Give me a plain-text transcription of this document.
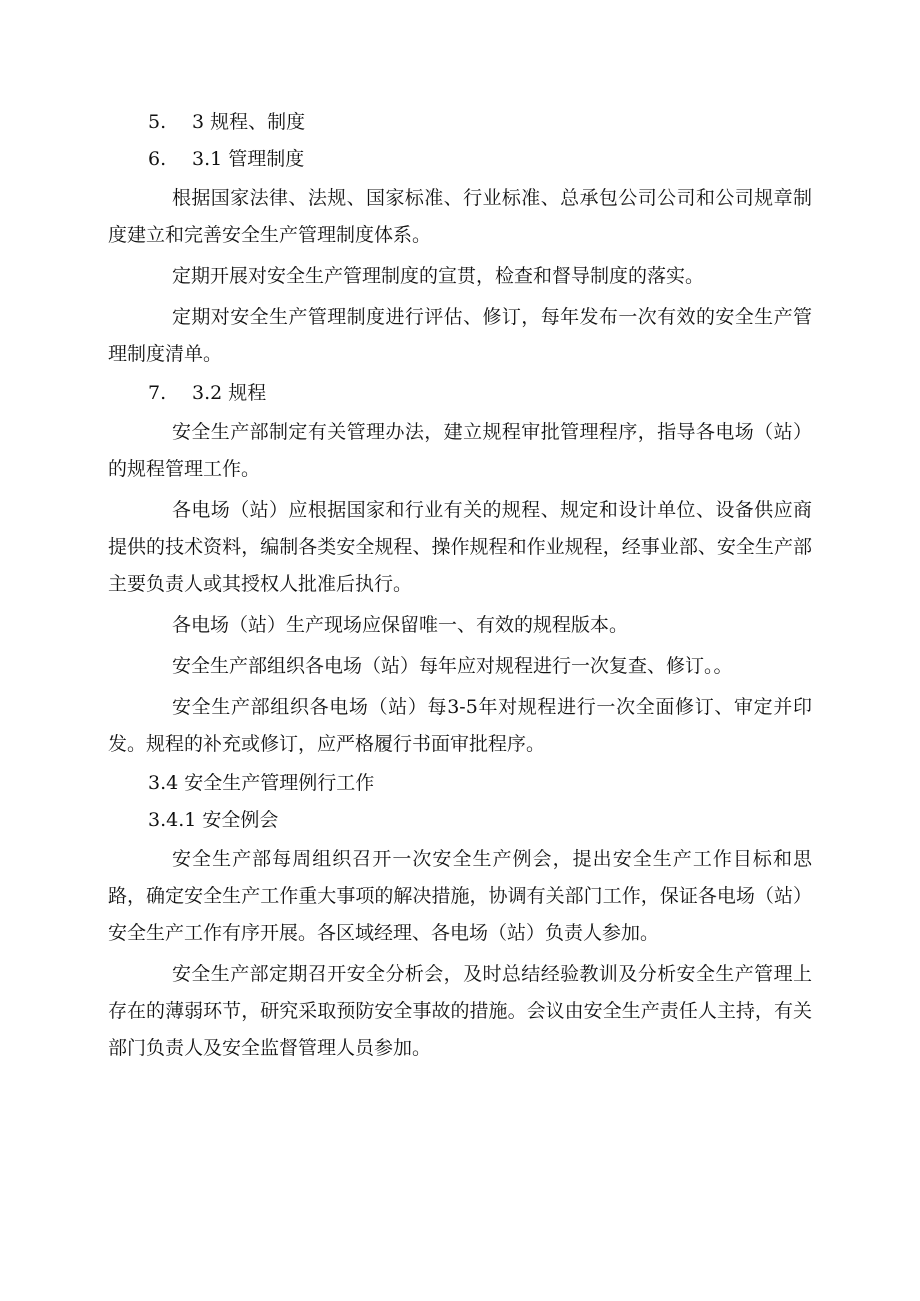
5. 3 规程、制度
6. 3.1 管理制度

根据国家法律、法规、国家标准、行业标准、总承包公司公司和公司规章制度建立和完善安全生产管理制度体系。

定期开展对安全生产管理制度的宣贯，检查和督导制度的落实。

定期对安全生产管理制度进行评估、修订，每年发布一次有效的安全生产管理制度清单。

7. 3.2 规程

安全生产部制定有关管理办法，建立规程审批管理程序，指导各电场（站）的规程管理工作。

各电场（站）应根据国家和行业有关的规程、规定和设计单位、设备供应商提供的技术资料，编制各类安全规程、操作规程和作业规程，经事业部、安全生产部主要负责人或其授权人批准后执行。

各电场（站）生产现场应保留唯一、有效的规程版本。

安全生产部组织各电场（站）每年应对规程进行一次复查、修订。。

安全生产部组织各电场（站）每3-5年对规程进行一次全面修订、审定并印发。规程的补充或修订，应严格履行书面审批程序。

3.4 安全生产管理例行工作
3.4.1 安全例会

安全生产部每周组织召开一次安全生产例会，提出安全生产工作目标和思路，确定安全生产工作重大事项的解决措施，协调有关部门工作，保证各电场（站）安全生产工作有序开展。各区域经理、各电场（站）负责人参加。

安全生产部定期召开安全分析会，及时总结经验教训及分析安全生产管理上存在的薄弱环节，研究采取预防安全事故的措施。会议由安全生产责任人主持，有关部门负责人及安全监督管理人员参加。
